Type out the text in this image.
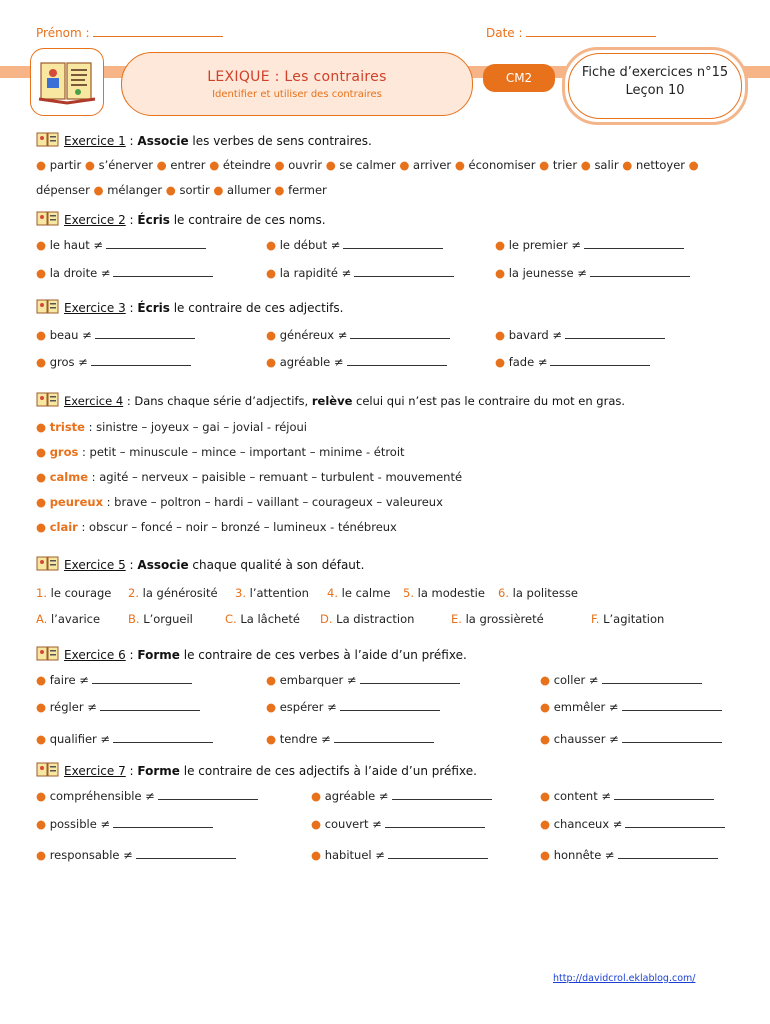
Prénom :	Date :
LEXIQUE : Les contraires
Identifier et utiliser des contraires
CM2	Fiche d’exercices n°15
Leçon 10
Exercice 1 : Associe les verbes de sens contraires.
● partir ● s’énerver ● entrer ● éteindre ● ouvrir ● se calmer ● arriver ● économiser ● trier ● salir ● nettoyer ●
dépenser ● mélanger ● sortir ● allumer ● fermer
Exercice 2 : Écris le contraire de ces noms.
● le haut ≠	● le début ≠	● le premier ≠
● la droite ≠	● la rapidité ≠	● la jeunesse ≠
Exercice 3 : Écris le contraire de ces adjectifs.
● beau ≠	● généreux ≠	● bavard ≠
● gros ≠	● agréable ≠	● fade ≠
Exercice 4 : Dans chaque série d’adjectifs, relève celui qui n’est pas le contraire du mot en gras.
● triste : sinistre – joyeux – gai – jovial - réjoui
● gros : petit – minuscule – mince – important – minime - étroit
● calme : agité – nerveux – paisible – remuant – turbulent - mouvementé
● peureux : brave – poltron – hardi – vaillant – courageux – valeureux
● clair : obscur – foncé – noir – bronzé – lumineux - ténébreux
Exercice 5 : Associe chaque qualité à son défaut.
1. le courage 2. la générosité 3. l’attention 4. le calme 5. la modestie 6. la politesse
A. l’avarice B. L’orgueil	C. La lâcheté D. La distraction	E. la grossièreté	F. L’agitation
Exercice 6 : Forme le contraire de ces verbes à l’aide d’un préfixe.
● faire ≠	● embarquer ≠	● coller ≠
● régler ≠	● espérer ≠	● emmêler ≠
● qualifier ≠	● tendre ≠	● chausser ≠
Exercice 7 : Forme le contraire de ces adjectifs à l’aide d’un préfixe.
● compréhensible ≠	● agréable ≠	● content ≠
● possible ≠	● couvert ≠	● chanceux ≠
● responsable ≠	● habituel ≠	● honnête ≠
http://davidcrol.eklablog.com/
